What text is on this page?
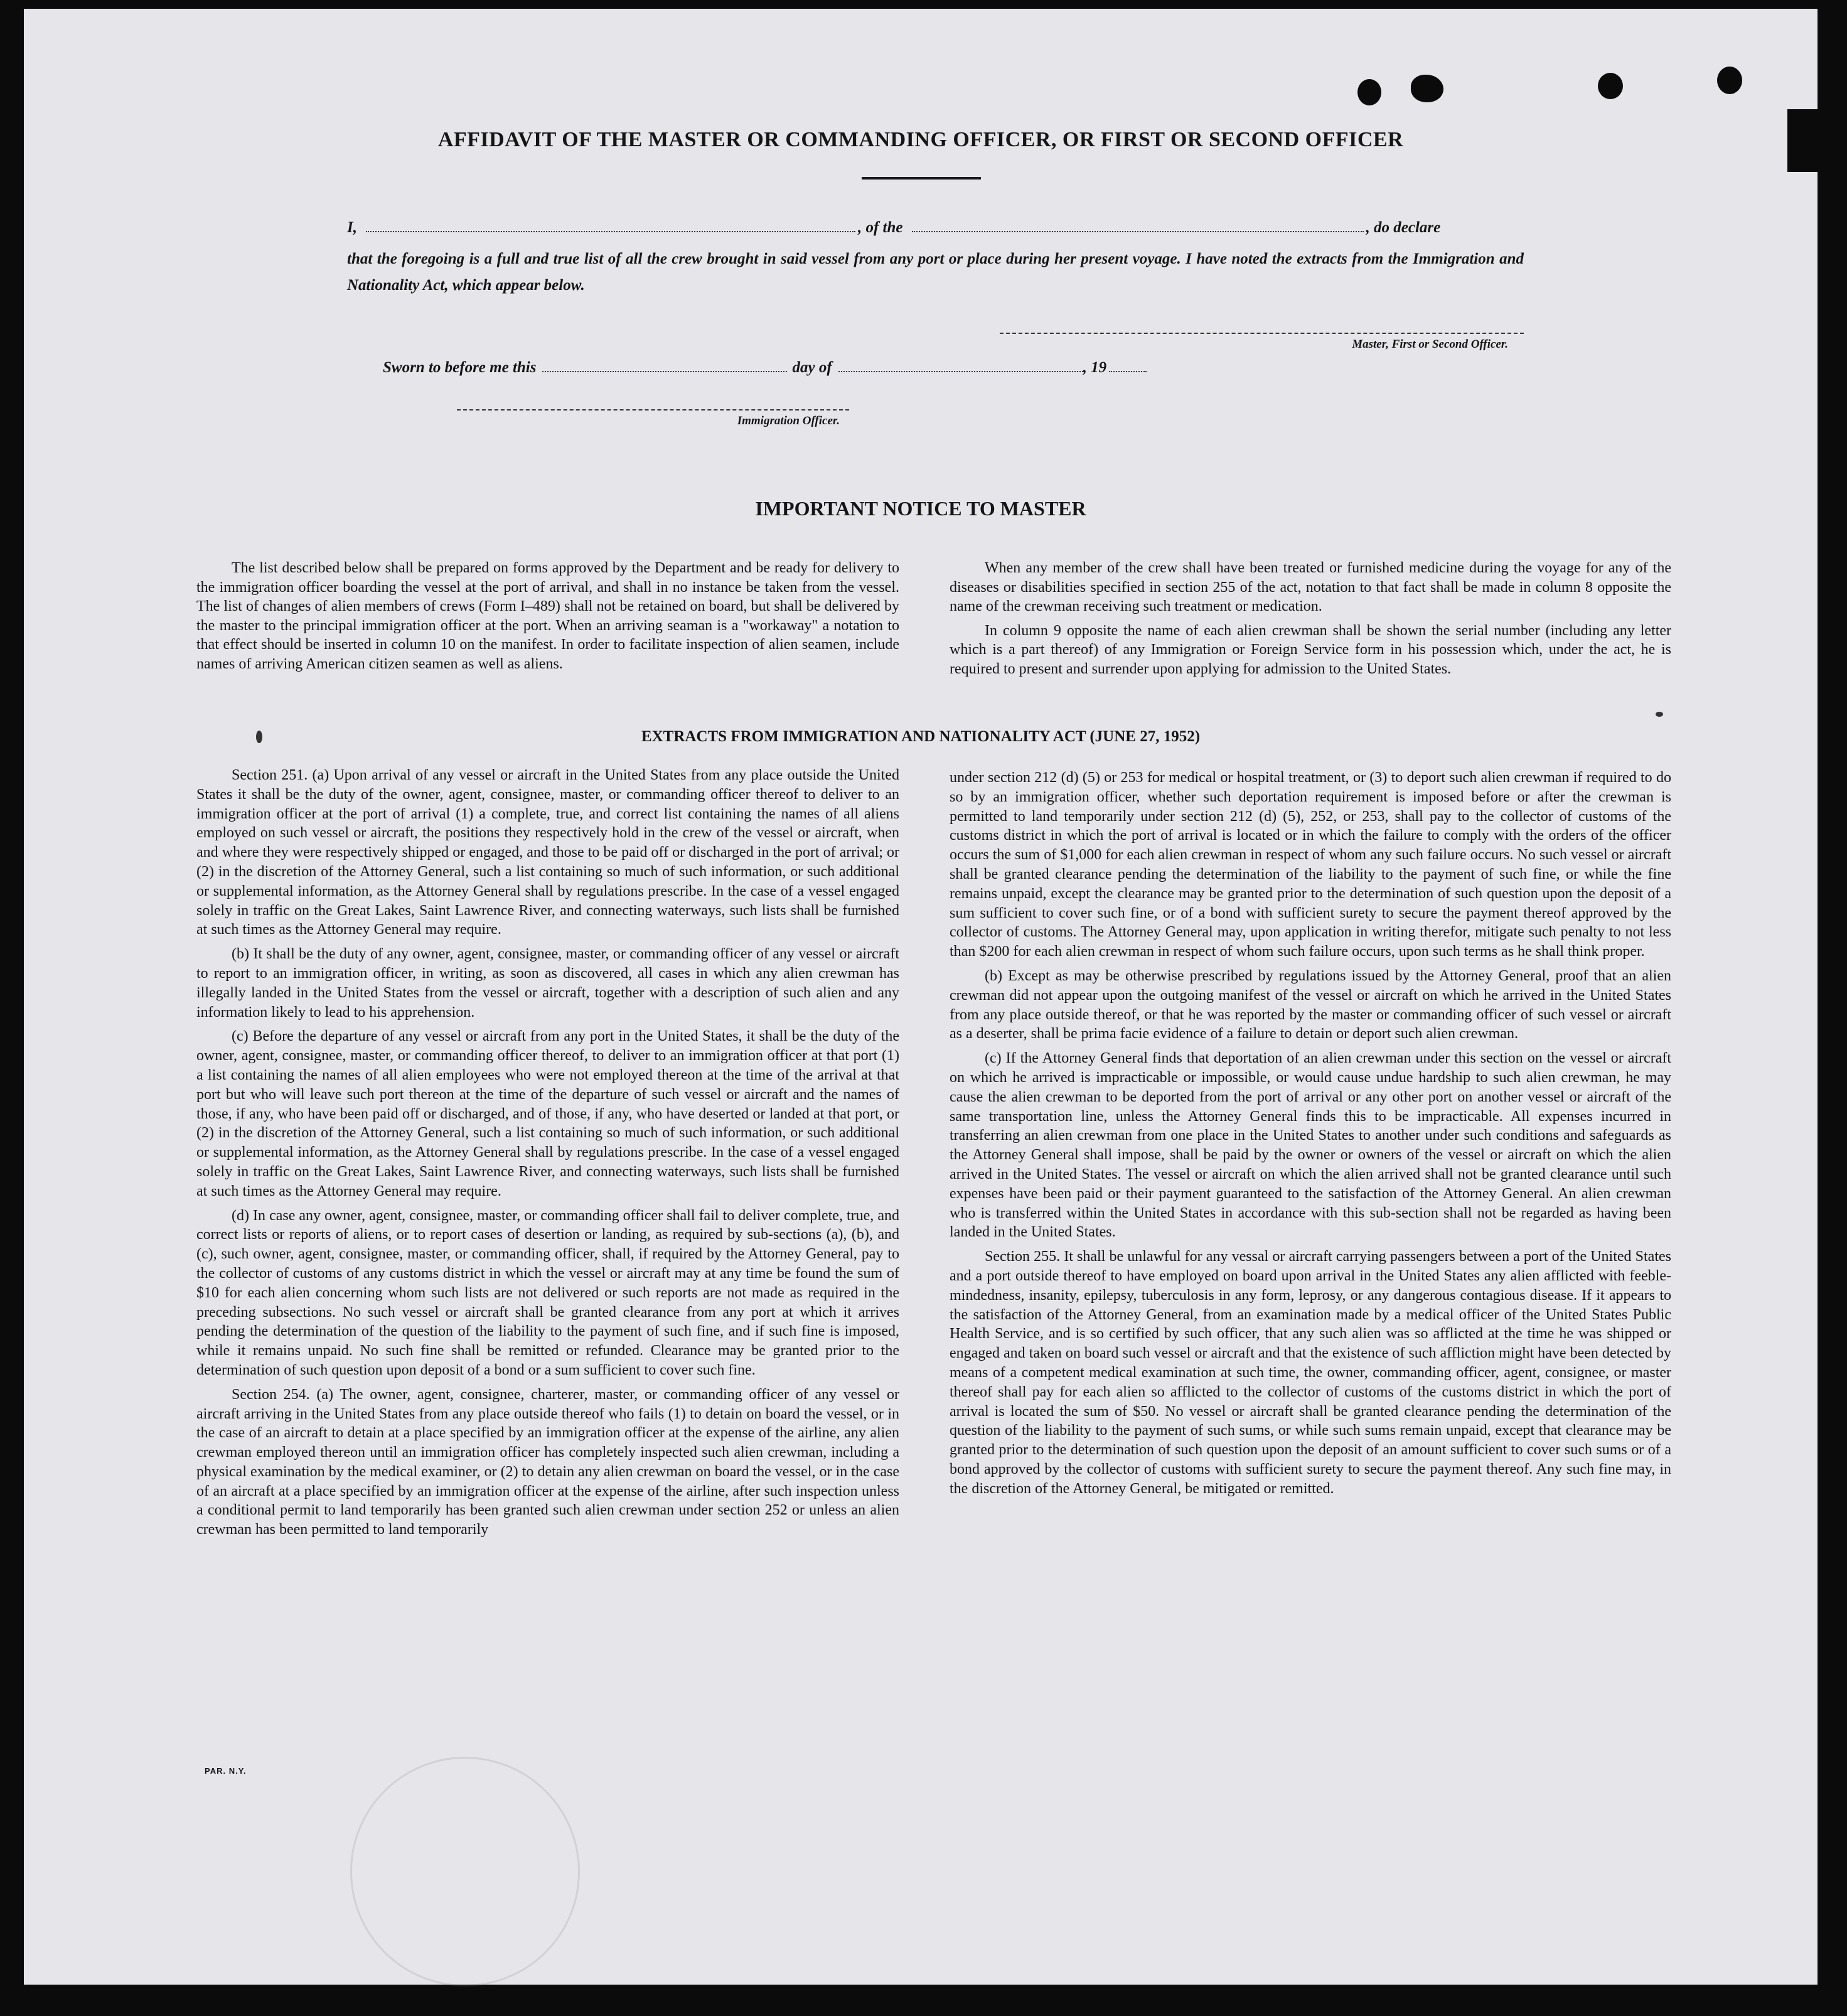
AFFIDAVIT OF THE MASTER OR COMMANDING OFFICER, OR FIRST OR SECOND OFFICER
I,	, of the	, do declare
that the foregoing is a full and true list of all the crew brought in said vessel from any port or place during her present voyage. I have noted the extracts from the Immigration and Nationality Act, which appear below.
Master, First or Second Officer.
Sworn to before me this	day of	, 19
Immigration Officer.
IMPORTANT NOTICE TO MASTER

The list described below shall be prepared on forms approved by the Department and be ready for delivery to the immigration officer boarding the vessel at the port of arrival, and shall in no instance be taken from the vessel. The list of changes of alien members of crews (Form I–489) shall not be retained on board, but shall be delivered by the master to the principal immigration officer at the port. When an arriving seaman is a "workaway" a notation to that effect should be inserted in column 10 on the manifest. In order to facilitate inspection of alien seamen, include names of arriving American citizen seamen as well as aliens.

When any member of the crew shall have been treated or furnished medicine during the voyage for any of the diseases or disabilities specified in section 255 of the act, notation to that fact shall be made in column 8 opposite the name of the crewman receiving such treatment or medication.

In column 9 opposite the name of each alien crewman shall be shown the serial number (including any letter which is a part thereof) of any Immigration or Foreign Service form in his possession which, under the act, he is required to present and surrender upon applying for admission to the United States.

EXTRACTS FROM IMMIGRATION AND NATIONALITY ACT (JUNE 27, 1952)

Section 251. (a) Upon arrival of any vessel or aircraft in the United States from any place outside the United States it shall be the duty of the owner, agent, consignee, master, or commanding officer thereof to deliver to an immigration officer at the port of arrival (1) a complete, true, and correct list containing the names of all aliens employed on such vessel or aircraft, the positions they respectively hold in the crew of the vessel or aircraft, when and where they were respectively shipped or engaged, and those to be paid off or discharged in the port of arrival; or (2) in the discretion of the Attorney General, such a list containing so much of such information, or such additional or supplemental information, as the Attorney General shall by regulations prescribe. In the case of a vessel engaged solely in traffic on the Great Lakes, Saint Lawrence River, and connecting waterways, such lists shall be furnished at such times as the Attorney General may require.

(b) It shall be the duty of any owner, agent, consignee, master, or commanding officer of any vessel or aircraft to report to an immigration officer, in writing, as soon as discovered, all cases in which any alien crewman has illegally landed in the United States from the vessel or aircraft, together with a description of such alien and any information likely to lead to his apprehension.

(c) Before the departure of any vessel or aircraft from any port in the United States, it shall be the duty of the owner, agent, consignee, master, or commanding officer thereof, to deliver to an immigration officer at that port (1) a list containing the names of all alien employees who were not employed thereon at the time of the arrival at that port but who will leave such port thereon at the time of the departure of such vessel or aircraft and the names of those, if any, who have been paid off or discharged, and of those, if any, who have deserted or landed at that port, or (2) in the discretion of the Attorney General, such a list containing so much of such information, or such additional or supplemental information, as the Attorney General shall by regulations prescribe. In the case of a vessel engaged solely in traffic on the Great Lakes, Saint Lawrence River, and connecting waterways, such lists shall be furnished at such times as the Attorney General may require.

(d) In case any owner, agent, consignee, master, or commanding officer shall fail to deliver complete, true, and correct lists or reports of aliens, or to report cases of desertion or landing, as required by sub-sections (a), (b), and (c), such owner, agent, consignee, master, or commanding officer, shall, if required by the Attorney General, pay to the collector of customs of any customs district in which the vessel or aircraft may at any time be found the sum of $10 for each alien concerning whom such lists are not delivered or such reports are not made as required in the preceding subsections. No such vessel or aircraft shall be granted clearance from any port at which it arrives pending the determination of the question of the liability to the payment of such fine, and if such fine is imposed, while it remains unpaid. No such fine shall be remitted or refunded. Clearance may be granted prior to the determination of such question upon deposit of a bond or a sum sufficient to cover such fine.

Section 254. (a) The owner, agent, consignee, charterer, master, or commanding officer of any vessel or aircraft arriving in the United States from any place outside thereof who fails (1) to detain on board the vessel, or in the case of an aircraft to detain at a place specified by an immigration officer at the expense of the airline, any alien crewman employed thereon until an immigration officer has completely inspected such alien crewman, including a physical examination by the medical examiner, or (2) to detain any alien crewman on board the vessel, or in the case of an aircraft at a place specified by an immigration officer at the expense of the airline, after such inspection unless a conditional permit to land temporarily has been granted such alien crewman under section 252 or unless an alien crewman has been permitted to land temporarily

under section 212 (d) (5) or 253 for medical or hospital treatment, or (3) to deport such alien crewman if required to do so by an immigration officer, whether such deportation requirement is imposed before or after the crewman is permitted to land temporarily under section 212 (d) (5), 252, or 253, shall pay to the collector of customs of the customs district in which the port of arrival is located or in which the failure to comply with the orders of the officer occurs the sum of $1,000 for each alien crewman in respect of whom any such failure occurs. No such vessel or aircraft shall be granted clearance pending the determination of the liability to the payment of such fine, or while the fine remains unpaid, except the clearance may be granted prior to the determination of such question upon the deposit of a sum sufficient to cover such fine, or of a bond with sufficient surety to secure the payment thereof approved by the collector of customs. The Attorney General may, upon application in writing therefor, mitigate such penalty to not less than $200 for each alien crewman in respect of whom such failure occurs, upon such terms as he shall think proper.

(b) Except as may be otherwise prescribed by regulations issued by the Attorney General, proof that an alien crewman did not appear upon the outgoing manifest of the vessel or aircraft on which he arrived in the United States from any place outside thereof, or that he was reported by the master or commanding officer of such vessel or aircraft as a deserter, shall be prima facie evidence of a failure to detain or deport such alien crewman.

(c) If the Attorney General finds that deportation of an alien crewman under this section on the vessel or aircraft on which he arrived is impracticable or impossible, or would cause undue hardship to such alien crewman, he may cause the alien crewman to be deported from the port of arrival or any other port on another vessel or aircraft of the same transportation line, unless the Attorney General finds this to be impracticable. All expenses incurred in transferring an alien crewman from one place in the United States to another under such conditions and safeguards as the Attorney General shall impose, shall be paid by the owner or owners of the vessel or aircraft on which the alien arrived in the United States. The vessel or aircraft on which the alien arrived shall not be granted clearance until such expenses have been paid or their payment guaranteed to the satisfaction of the Attorney General. An alien crewman who is transferred within the United States in accordance with this sub-section shall not be regarded as having been landed in the United States.

Section 255. It shall be unlawful for any vessal or aircraft carrying passengers between a port of the United States and a port outside thereof to have employed on board upon arrival in the United States any alien afflicted with feeble-mindedness, insanity, epilepsy, tuberculosis in any form, leprosy, or any dangerous contagious disease. If it appears to the satisfaction of the Attorney General, from an examination made by a medical officer of the United States Public Health Service, and is so certified by such officer, that any such alien was so afflicted at the time he was shipped or engaged and taken on board such vessel or aircraft and that the existence of such affliction might have been detected by means of a competent medical examination at such time, the owner, commanding officer, agent, consignee, or master thereof shall pay for each alien so afflicted to the collector of customs of the customs district in which the port of arrival is located the sum of $50. No vessel or aircraft shall be granted clearance pending the determination of the question of the liability to the payment of such sums, or while such sums remain unpaid, except that clearance may be granted prior to the determination of such question upon the deposit of an amount sufficient to cover such sums or of a bond approved by the collector of customs with sufficient surety to secure the payment thereof. Any such fine may, in the discretion of the Attorney General, be mitigated or remitted.

PAR. N.Y.
